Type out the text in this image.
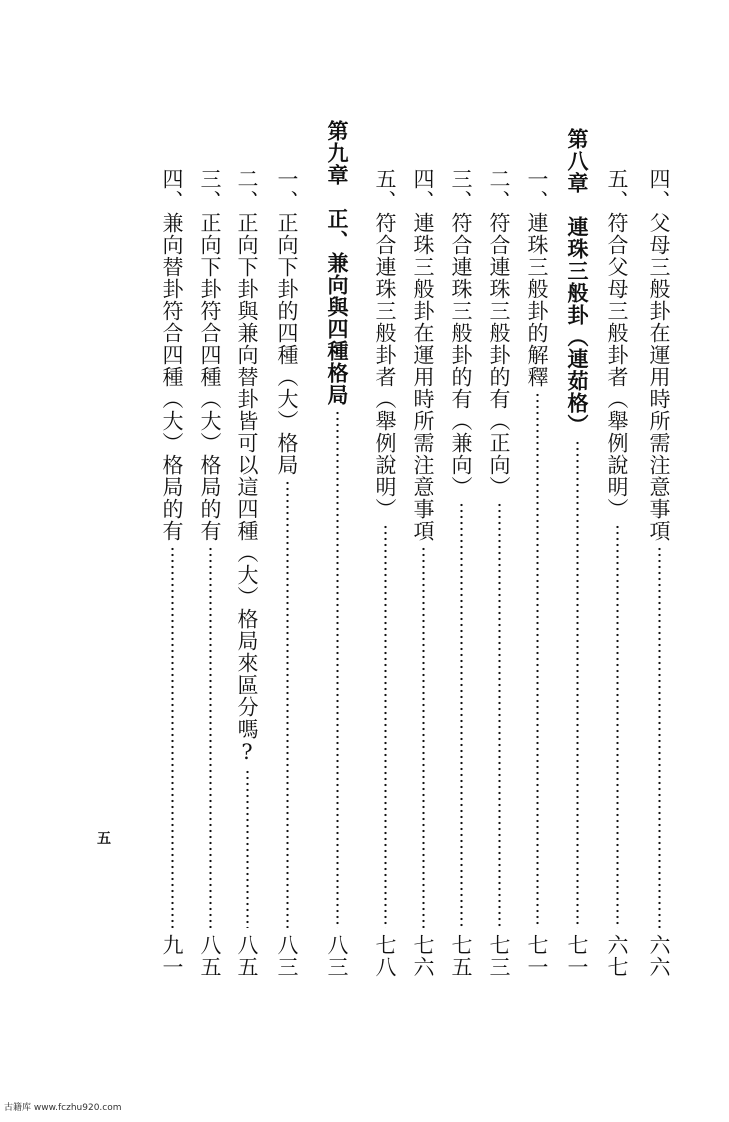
四、父母三般卦在運用時所需注意事項
六六
五、符合父母三般卦者（舉例說明）
六七
第八章　連珠三般卦（連茹格）
七一
一、連珠三般卦的解釋
七一
二、符合連珠三般卦的有（正向）
七三
三、符合連珠三般卦的有（兼向）
七五
四、連珠三般卦在運用時所需注意事項
七六
五、符合連珠三般卦者（舉例說明）
七八
第九章　正、兼向與四種格局
八三
一、正向下卦的四種（大）格局
八三
二、正向下卦與兼向替卦皆可以這四種（大）格局來區分嗎?
八五
三、正向下卦符合四種（大）格局的有
八五
四、兼向替卦符合四種（大）格局的有
九一
五
古籍库 www.fczhu920.com
